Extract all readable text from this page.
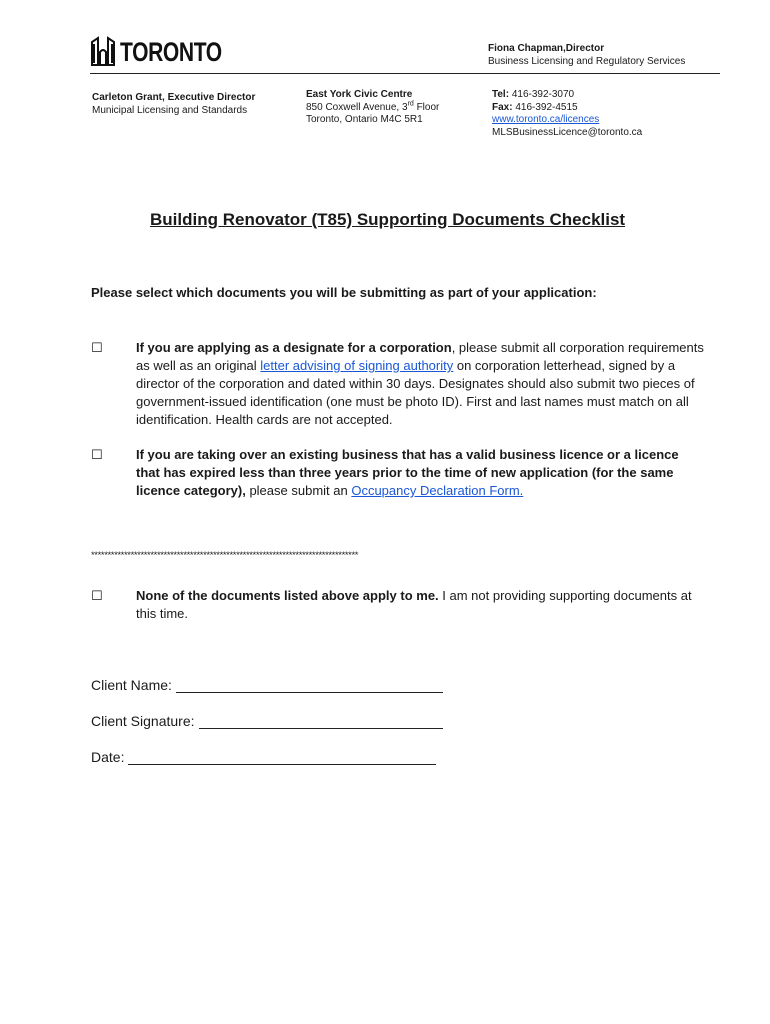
TORONTO	Fiona Chapman,Director
Business Licensing and Regulatory Services
Carleton Grant, Executive Director
Municipal Licensing and Standards
East York Civic Centre
850 Coxwell Avenue, 3rd Floor
Toronto, Ontario M4C 5R1
Tel: 416-392-3070
Fax: 416-392-4515
www.toronto.ca/licences
MLSBusinessLicence@toronto.ca
Building Renovator (T85) Supporting Documents Checklist
Please select which documents you will be submitting as part of your application:
☐	If you are applying as a designate for a corporation, please submit all corporation requirements as well as an original letter advising of signing authority on corporation letterhead, signed by a director of the corporation and dated within 30 days. Designates should also submit two pieces of government-issued identification (one must be photo ID). First and last names must match on all identification. Health cards are not accepted.
☐	If you are taking over an existing business that has a valid business licence or a licence that has expired less than three years prior to the time of new application (for the same licence category), please submit an Occupancy Declaration Form.
*********************************************************************************
☐	None of the documents listed above apply to me. I am not providing supporting documents at this time.
Client Name:
Client Signature:
Date:
